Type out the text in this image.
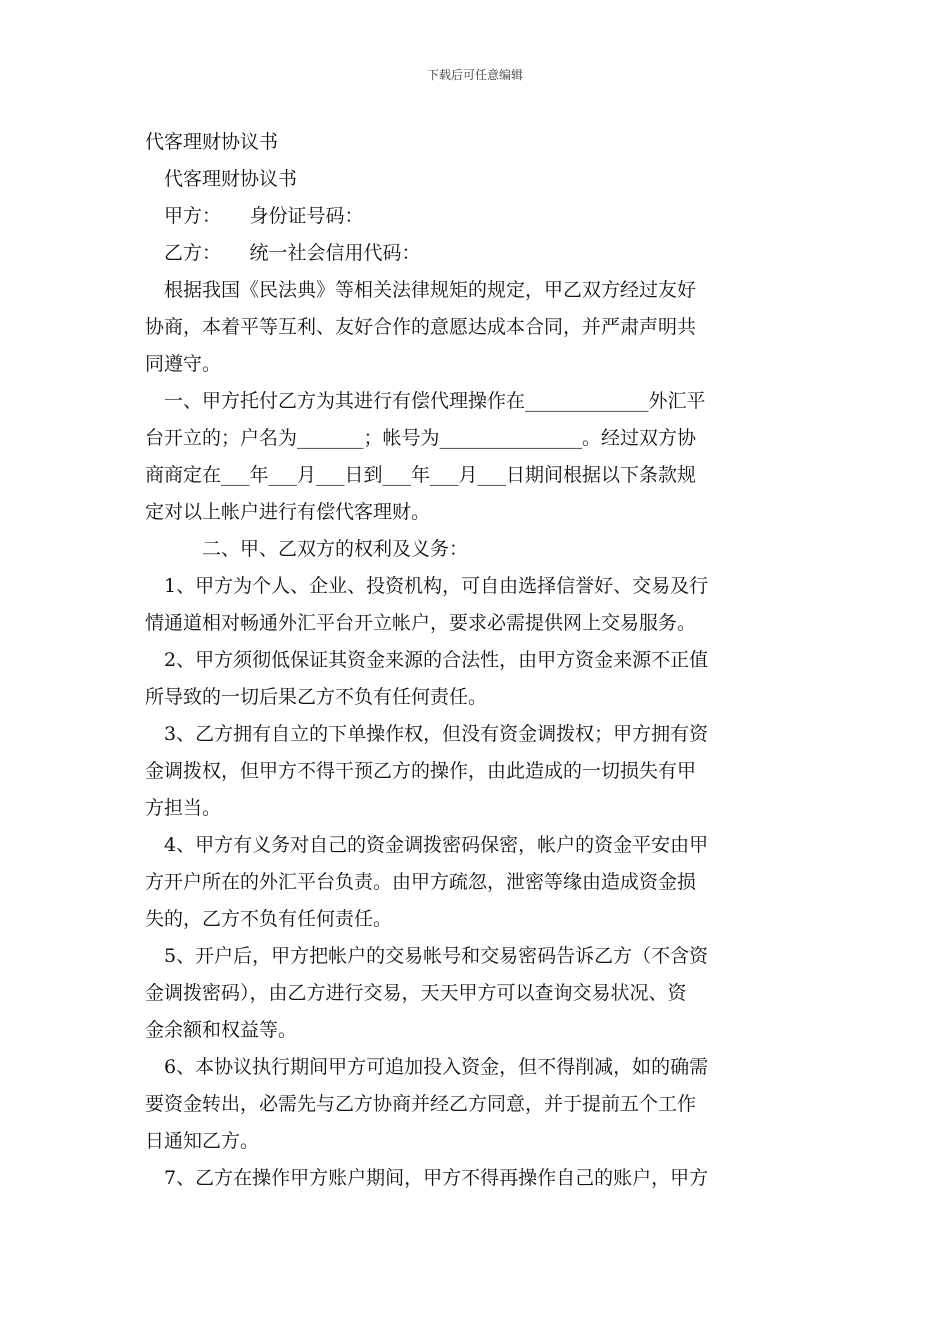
下载后可任意编辑
代客理财协议书
　代客理财协议书
　甲方：　　身份证号码：
　乙方：　　统一社会信用代码：
　根据我国《民法典》等相关法律规矩的规定，甲乙双方经过友好
协商，本着平等互利、友好合作的意愿达成本合同，并严肃声明共
同遵守。
　一、甲方托付乙方为其进行有偿代理操作在_____________外汇平
台开立的；户名为_______；帐号为_______________。经过双方协
商商定在___年___月___日到___年___月___日期间根据以下条款规
定对以上帐户进行有偿代客理财。
　　　二、甲、乙双方的权利及义务：
　1、甲方为个人、企业、投资机构，可自由选择信誉好、交易及行
情通道相对畅通外汇平台开立帐户，要求必需提供网上交易服务。
　2、甲方须彻低保证其资金来源的合法性，由甲方资金来源不正值
所导致的一切后果乙方不负有任何责任。
　3、乙方拥有自立的下单操作权，但没有资金调拨权；甲方拥有资
金调拨权，但甲方不得干预乙方的操作，由此造成的一切损失有甲
方担当。
　4、甲方有义务对自己的资金调拨密码保密，帐户的资金平安由甲
方开户所在的外汇平台负责。由甲方疏忽，泄密等缘由造成资金损
失的，乙方不负有任何责任。
　5、开户后，甲方把帐户的交易帐号和交易密码告诉乙方（不含资
金调拨密码），由乙方进行交易，天天甲方可以查询交易状况、资
金余额和权益等。
　6、本协议执行期间甲方可追加投入资金，但不得削减，如的确需
要资金转出，必需先与乙方协商并经乙方同意，并于提前五个工作
日通知乙方。
　7、乙方在操作甲方账户期间，甲方不得再操作自己的账户，甲方
